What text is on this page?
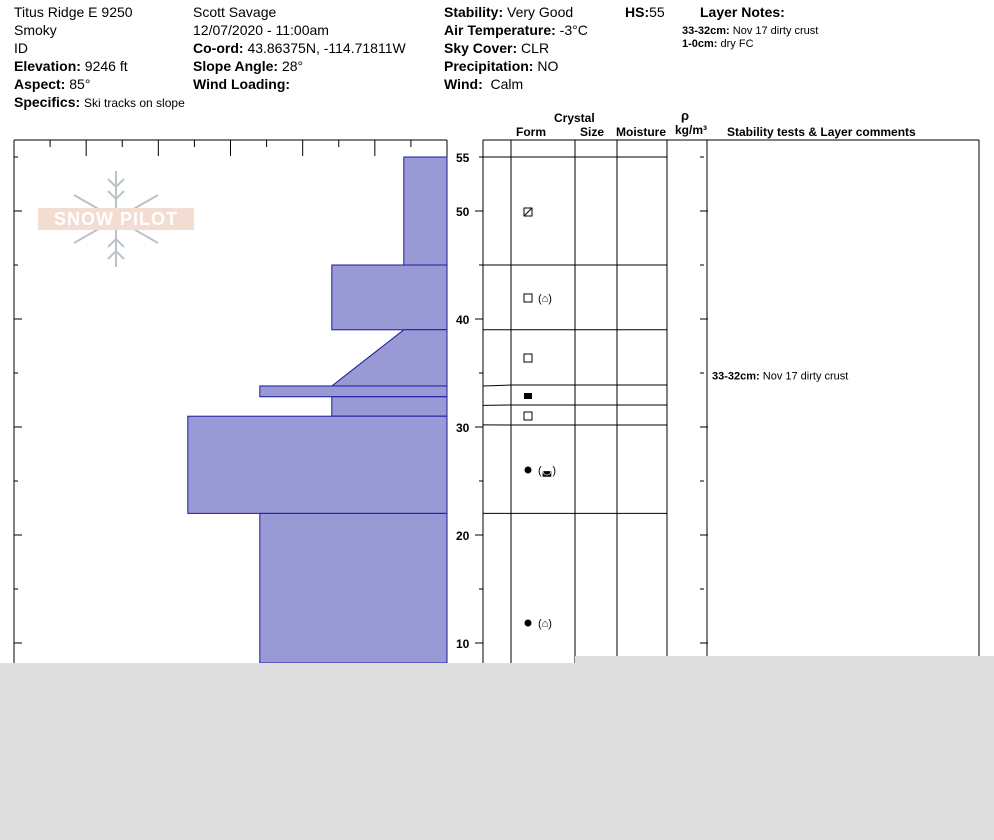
Titus Ridge E 9250
Smoky
ID
Elevation: 9246 ft
Aspect: 85°
Specifics: Ski tracks on slope
Scott Savage
12/07/2020 - 11:00am
Co-ord: 43.86375N, -114.71811W
Slope Angle: 28°
Wind Loading:
Stability: Very Good
Air Temperature: -3°C
Sky Cover: CLR
Precipitation: NO
Wind: Calm
HS:55	Layer Notes:
33-32cm: Nov 17 dirty crust
1-0cm: dry FC
Crystal
Form	Size Moisture
ρ
kg/m³ Stability tests & Layer comments
55
50
40
30
20
10
(⌂)
(◛)
(⌂)
33-32cm: Nov 17 dirty crust
SNOW PILOT
